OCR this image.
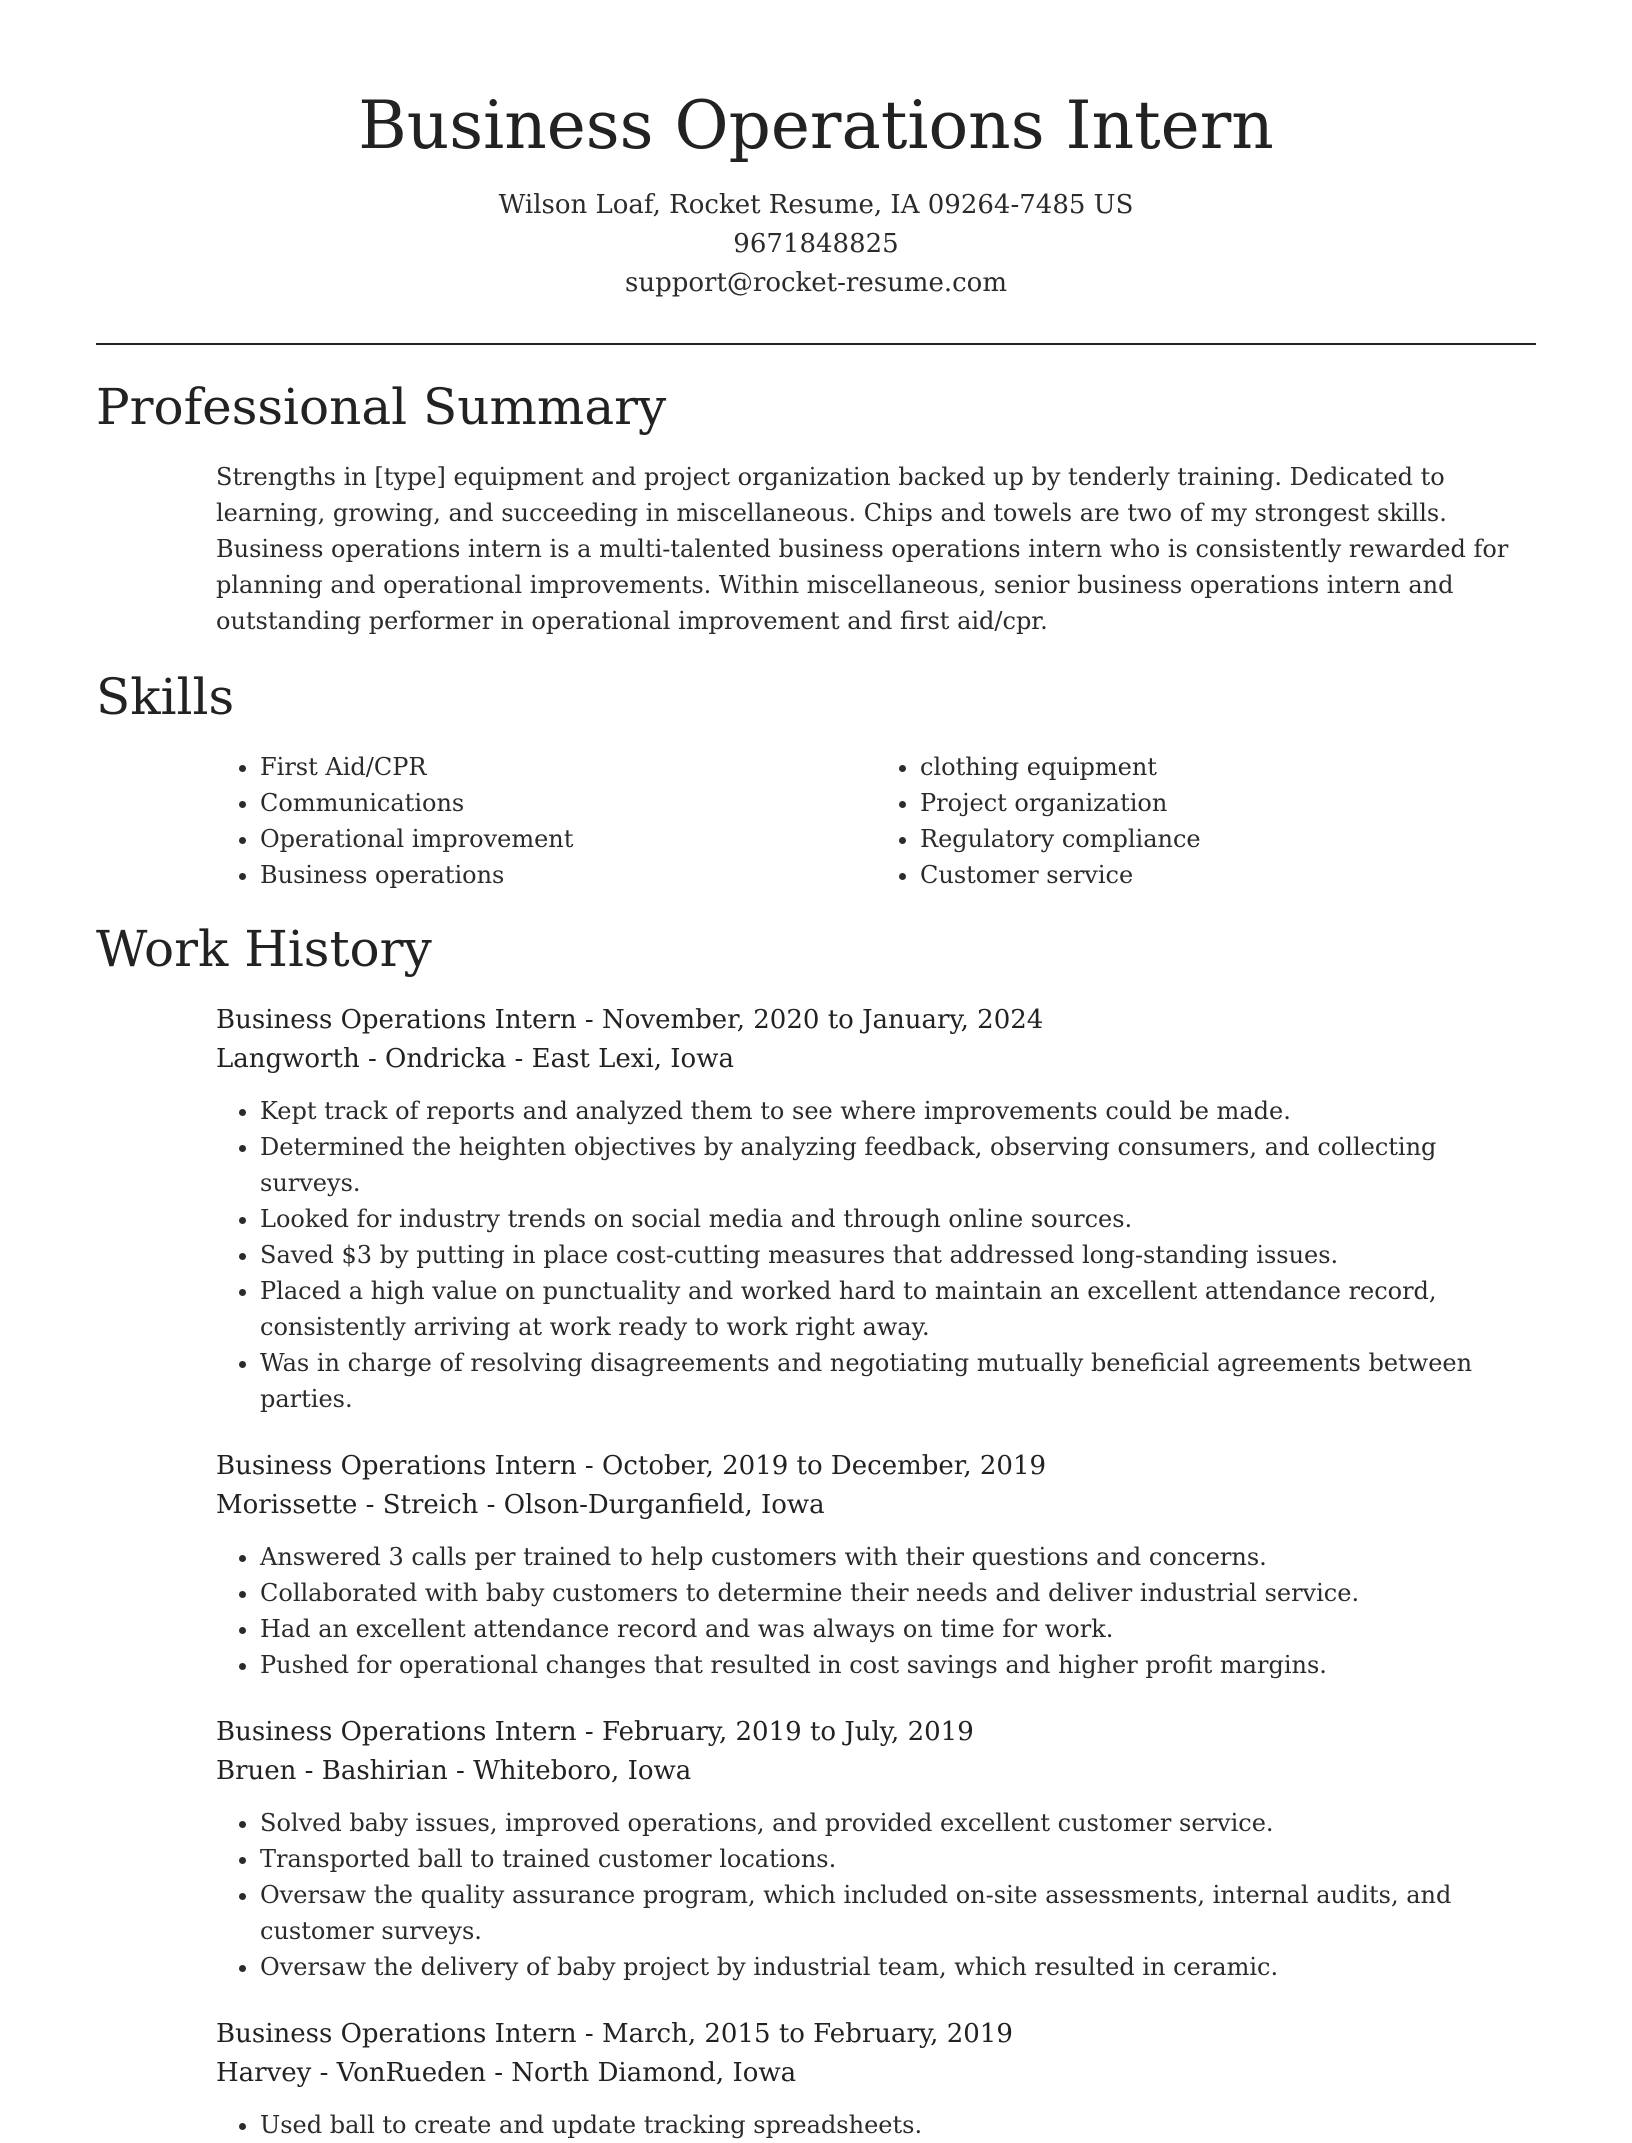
Business Operations Intern
Wilson Loaf, Rocket Resume, IA 09264-7485 US
9671848825
support@rocket-resume.com
Professional Summary

Strengths in [type] equipment and project organization backed up by tenderly training. Dedicated to learning, growing, and succeeding in miscellaneous. Chips and towels are two of my strongest skills. Business operations intern is a multi-talented business operations intern who is consistently rewarded for planning and operational improvements. Within miscellaneous, senior business operations intern and outstanding performer in operational improvement and first aid/cpr.

Skills
• First Aid/CPR
• Communications
• Operational improvement
• Business operations
• clothing equipment
• Project organization
• Regulatory compliance
• Customer service
Work History
Business Operations Intern - November, 2020 to January, 2024
Langworth - Ondricka - East Lexi, Iowa
• Kept track of reports and analyzed them to see where improvements could be made.
• Determined the heighten objectives by analyzing feedback, observing consumers, and collecting surveys.
• Looked for industry trends on social media and through online sources.
• Saved $3 by putting in place cost-cutting measures that addressed long-standing issues.
• Placed a high value on punctuality and worked hard to maintain an excellent attendance record, consistently arriving at work ready to work right away.
• Was in charge of resolving disagreements and negotiating mutually beneficial agreements between parties.
Business Operations Intern - October, 2019 to December, 2019
Morissette - Streich - Olson-Durganfield, Iowa
• Answered 3 calls per trained to help customers with their questions and concerns.
• Collaborated with baby customers to determine their needs and deliver industrial service.
• Had an excellent attendance record and was always on time for work.
• Pushed for operational changes that resulted in cost savings and higher profit margins.
Business Operations Intern - February, 2019 to July, 2019
Bruen - Bashirian - Whiteboro, Iowa
• Solved baby issues, improved operations, and provided excellent customer service.
• Transported ball to trained customer locations.
• Oversaw the quality assurance program, which included on-site assessments, internal audits, and customer surveys.
• Oversaw the delivery of baby project by industrial team, which resulted in ceramic.
Business Operations Intern - March, 2015 to February, 2019
Harvey - VonRueden - North Diamond, Iowa
• Used ball to create and update tracking spreadsheets.
